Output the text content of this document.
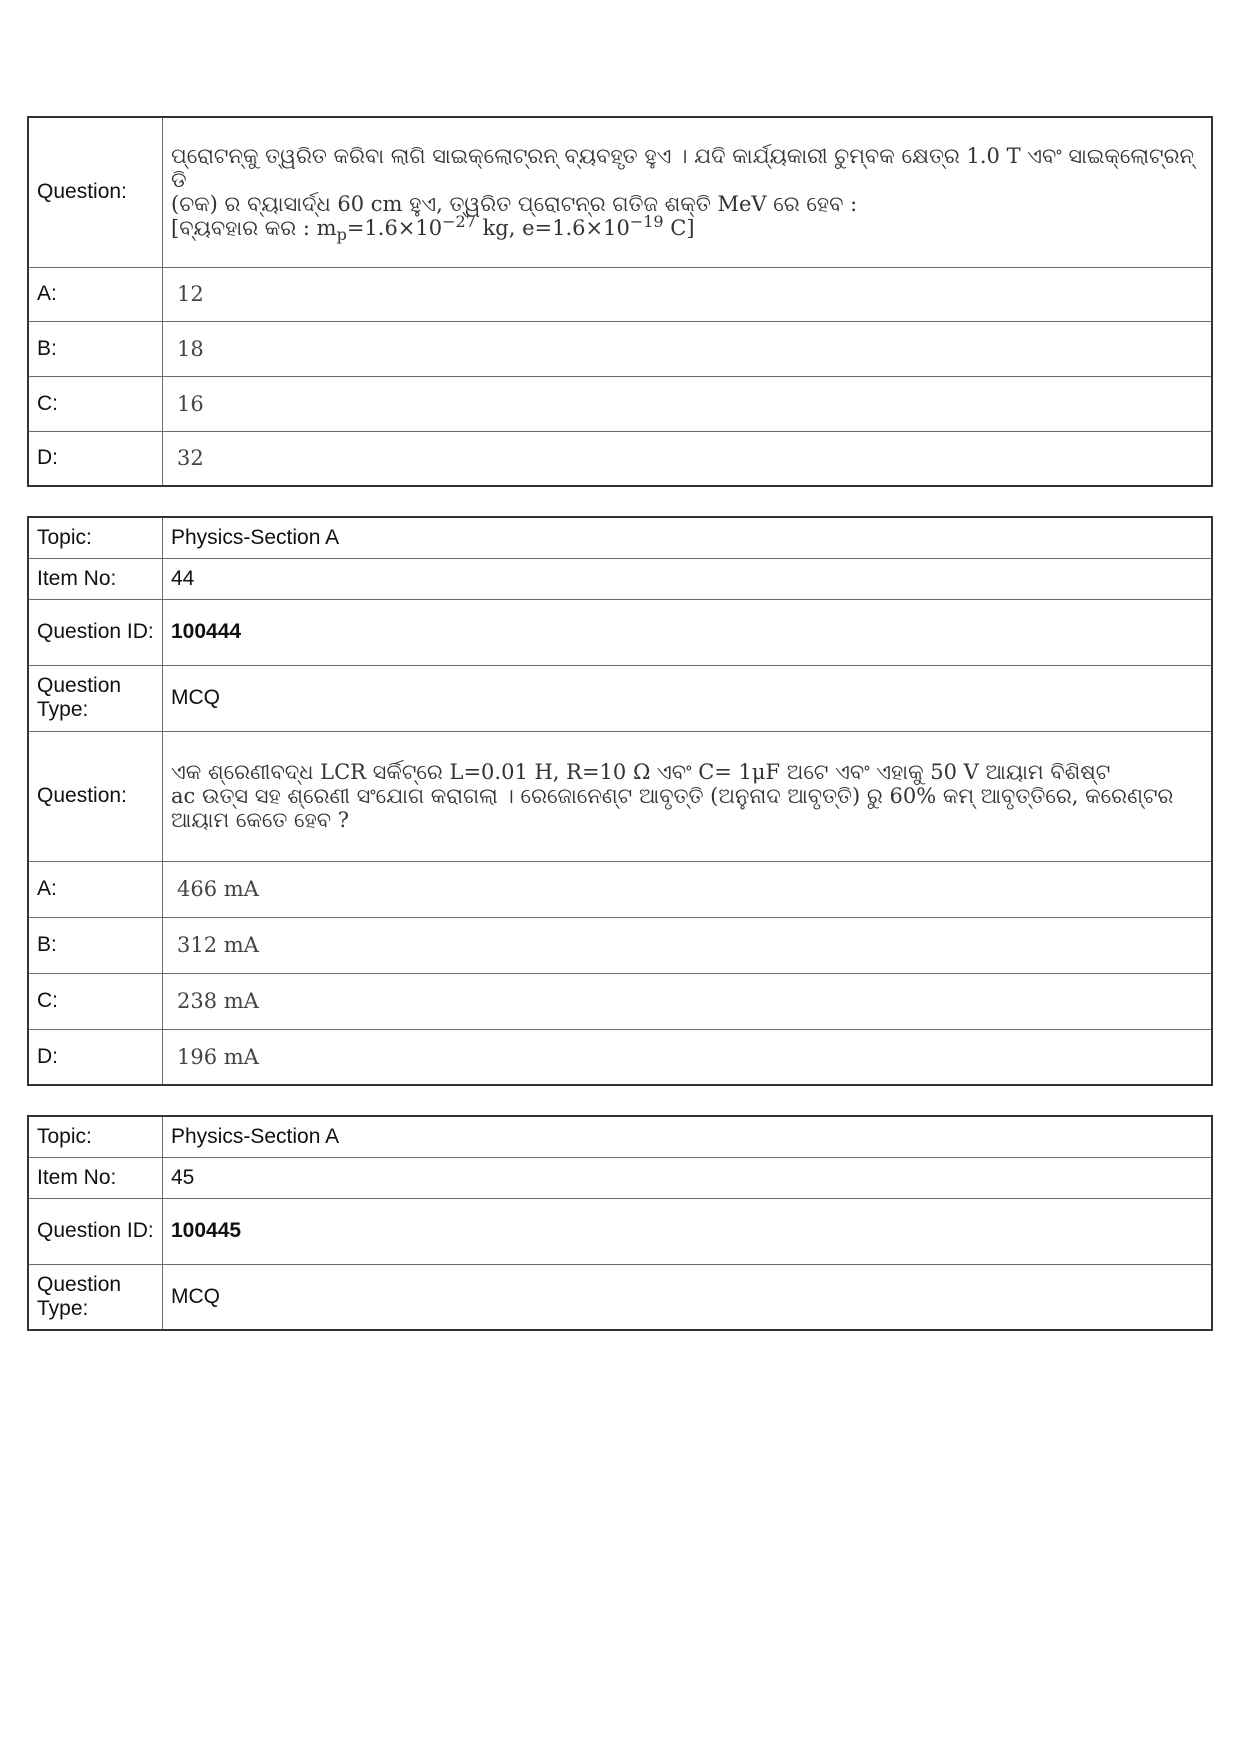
Question:	ପ୍ରୋଟନ୍‌କୁ ତ୍ୱରିତ କରିବା ଲାଗି ସାଇକ୍ଲୋଟ୍ରନ୍ ବ୍ୟବହୃତ ହୁଏ । ଯଦି କାର୍ଯ୍ୟକାରୀ ଚୁମ୍ବକ କ୍ଷେତ୍ର 1.0 T ଏବଂ ସାଇକ୍ଲୋଟ୍ରନ୍ ଡି
(ଚକ) ର ବ୍ୟାସାର୍ଦ୍ଧ 60 cm ହୁଏ, ତ୍ୱରିତ ପ୍ରୋଟନ୍‌ର ଗତିଜ ଶକ୍ତି MeV ରେ ହେବ :
[ବ୍ୟବହାର କର : $m_p=1.6\times 10^{-27}$ kg, $e=1.6\times 10^{-19}$ C]

A:	12
B:	18
C:	16
D:	32
Topic:	Physics-Section A
Item No:	44
Question ID:	100444
Question Type:	MCQ
Question:	ଏକ ଶ୍ରେଣୀବଦ୍ଧ LCR ସର୍କିଟ୍‌ରେ L=0.01 H, R=10 Ω ଏବଂ C= 1μF ଅଟେ ଏବଂ ଏହାକୁ 50 V ଆୟାମ ବିଶିଷ୍ଟ
ac ଉତ୍ସ ସହ ଶ୍ରେଣୀ ସଂଯୋଗ କରାଗଲା । ରେଜୋନେଣ୍ଟ ଆବୃତ୍ତି (ଅନୁନାଦ ଆବୃତ୍ତି) ରୁ 60% କମ୍ ଆବୃତ୍ତିରେ, କରେଣ୍ଟର
ଆୟାମ କେତେ ହେବ ?

A:	466 mA
B:	312 mA
C:	238 mA
D:	196 mA
Topic:	Physics-Section A
Item No:	45
Question ID:	100445
Question Type:	MCQ
